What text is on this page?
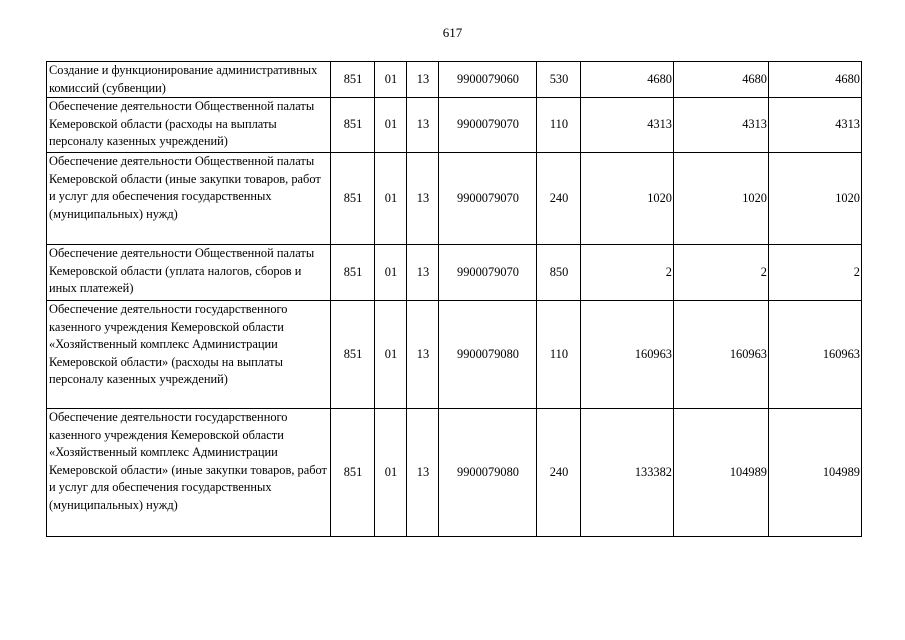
617
Создание и функционирование административных комиссий (субвенции)	851	01	13	9900079060	530	4680	4680	4680
Обеспечение деятельности Общественной палаты Кемеровской области (расходы на выплаты персоналу казенных учреждений)	851	01	13	9900079070	110	4313	4313	4313
Обеспечение деятельности Общественной палаты Кемеровской области (иные закупки товаров, работ и услуг для обеспечения государственных (муниципальных) нужд)	851	01	13	9900079070	240	1020	1020	1020
Обеспечение деятельности Общественной палаты Кемеровской области (уплата налогов, сборов и иных платежей)	851	01	13	9900079070	850	2	2	2
Обеспечение деятельности государственного казенного учреждения Кемеровской области «Хозяйственный комплекс Администрации Кемеровской области» (расходы на выплаты персоналу казенных учреждений)	851	01	13	9900079080	110	160963	160963	160963
Обеспечение деятельности государственного казенного учреждения Кемеровской области «Хозяйственный комплекс Администрации Кемеровской области» (иные закупки товаров, работ и услуг для обеспечения государственных (муниципальных) нужд)	851	01	13	9900079080	240	133382	104989	104989
